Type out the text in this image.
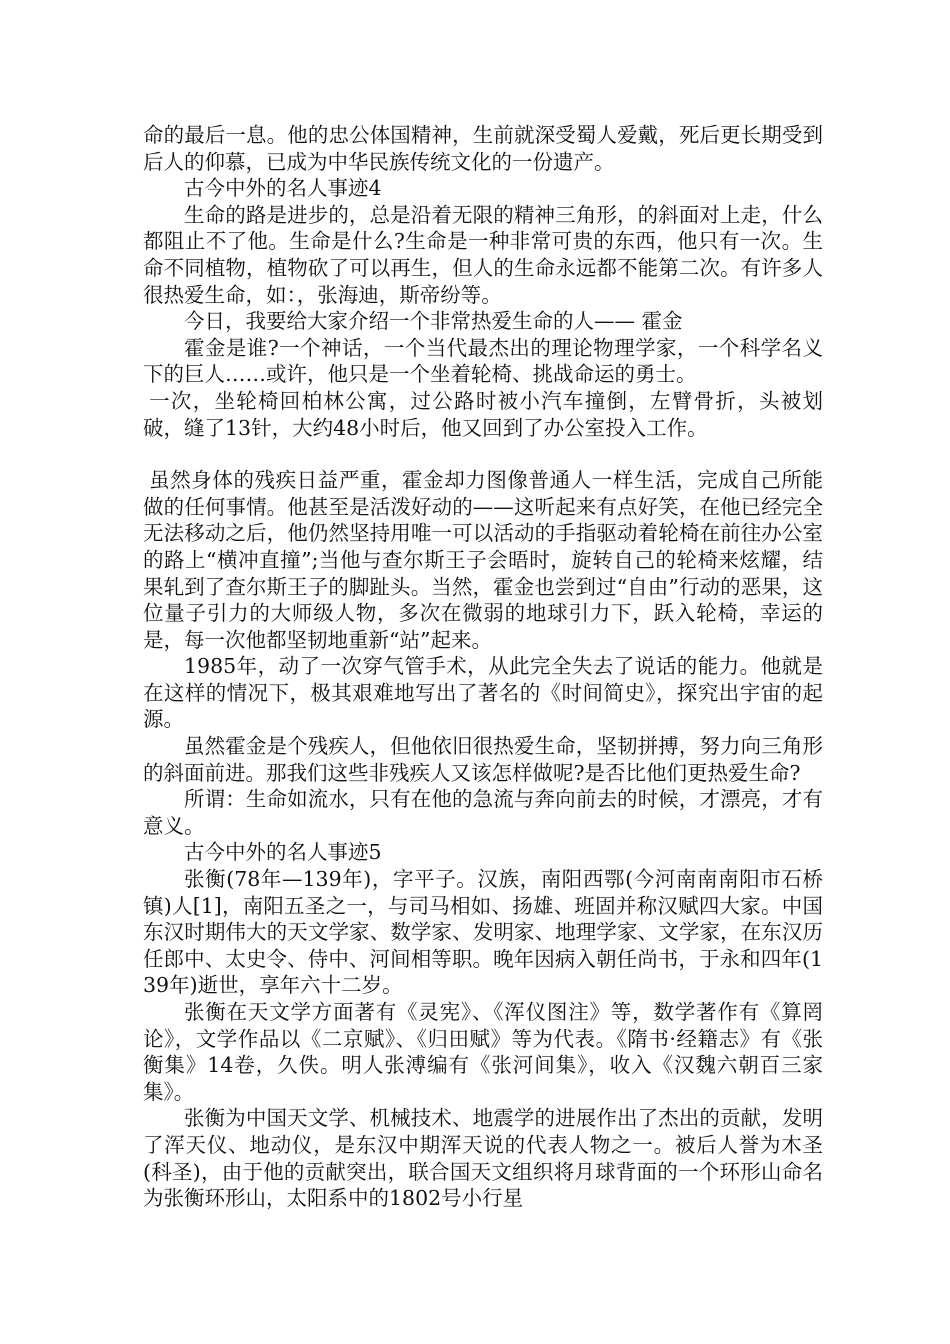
命的最后一息。他的忠公体国精神，生前就深受蜀人爱戴，死后更长期受到后人的仰慕，已成为中华民族传统文化的一份遗产。

古今中外的名人事迹4

生命的路是进步的，总是沿着无限的精神三角形，的斜面对上走，什么都阻止不了他。生命是什么?生命是一种非常可贵的东西，他只有一次。生命不同植物，植物砍了可以再生，但人的生命永远都不能第二次。有许多人很热爱生命，如：，张海迪，斯帝纷等。

今日，我要给大家介绍一个非常热爱生命的人—— 霍金

霍金是谁?一个神话，一个当代最杰出的理论物理学家，一个科学名义下的巨人……或许，他只是一个坐着轮椅、挑战命运的勇士。

一次，坐轮椅回柏林公寓，过公路时被小汽车撞倒，左臂骨折，头被划破，缝了13针，大约48小时后，他又回到了办公室投入工作。

虽然身体的残疾日益严重，霍金却力图像普通人一样生活，完成自己所能做的任何事情。他甚至是活泼好动的——这听起来有点好笑，在他已经完全无法移动之后，他仍然坚持用唯一可以活动的手指驱动着轮椅在前往办公室的路上“横冲直撞”;当他与查尔斯王子会晤时，旋转自己的轮椅来炫耀，结果轧到了查尔斯王子的脚趾头。当然，霍金也尝到过“自由”行动的恶果，这位量子引力的大师级人物，多次在微弱的地球引力下，跃入轮椅，幸运的是，每一次他都坚韧地重新“站”起来。

1985年，动了一次穿气管手术，从此完全失去了说话的能力。他就是在这样的情况下，极其艰难地写出了著名的《时间简史》，探究出宇宙的起源。

虽然霍金是个残疾人，但他依旧很热爱生命，坚韧拼搏，努力向三角形的斜面前进。那我们这些非残疾人又该怎样做呢?是否比他们更热爱生命?

所谓：生命如流水，只有在他的急流与奔向前去的时候，才漂亮，才有意义。

古今中外的名人事迹5

张衡(78年—139年)，字平子。汉族，南阳西鄂(今河南南南阳市石桥镇)人[1]，南阳五圣之一，与司马相如、扬雄、班固并称汉赋四大家。中国东汉时期伟大的天文学家、数学家、发明家、地理学家、文学家，在东汉历任郎中、太史令、侍中、河间相等职。晚年因病入朝任尚书，于永和四年(139年)逝世，享年六十二岁。

张衡在天文学方面著有《灵宪》、《浑仪图注》等，数学著作有《算罔论》，文学作品以《二京赋》、《归田赋》等为代表。《隋书·经籍志》有《张衡集》14卷，久佚。明人张溥编有《张河间集》，收入《汉魏六朝百三家集》。

张衡为中国天文学、机械技术、地震学的进展作出了杰出的贡献，发明了浑天仪、地动仪，是东汉中期浑天说的代表人物之一。被后人誉为木圣(科圣)，由于他的贡献突出，联合国天文组织将月球背面的一个环形山命名为张衡环形山，太阳系中的1802号小行星
